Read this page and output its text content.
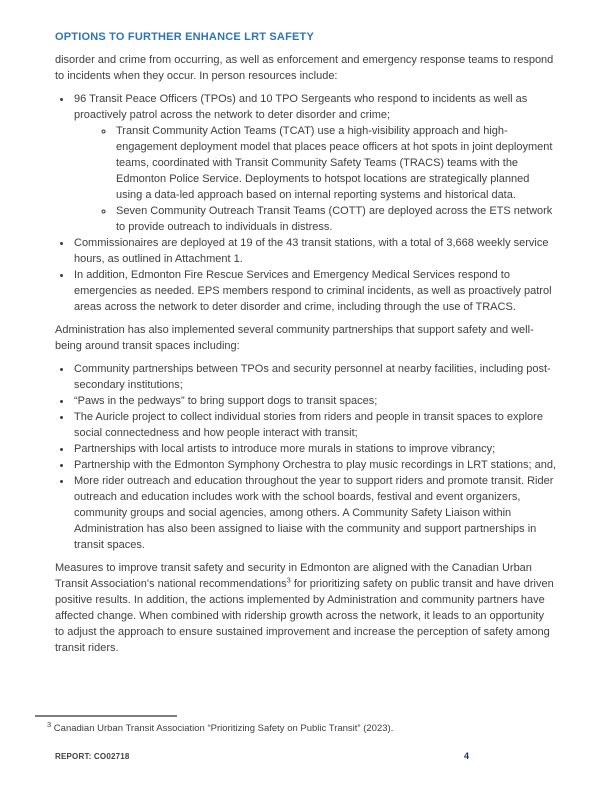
OPTIONS TO FURTHER ENHANCE LRT SAFETY

disorder and crime from occurring, as well as enforcement and emergency response teams to respond to incidents when they occur. In person resources include:

• 96 Transit Peace Officers (TPOs) and 10 TPO Sergeants who respond to incidents as well as proactively patrol across the network to deter disorder and crime;
◦ Transit Community Action Teams (TCAT) use a high-visibility approach and high-engagement deployment model that places peace officers at hot spots in joint deployment teams, coordinated with Transit Community Safety Teams (TRACS) teams with the Edmonton Police Service. Deployments to hotspot locations are strategically planned using a data-led approach based on internal reporting systems and historical data.
◦ Seven Community Outreach Transit Teams (COTT) are deployed across the ETS network to provide outreach to individuals in distress.
• Commissionaires are deployed at 19 of the 43 transit stations, with a total of 3,668 weekly service hours, as outlined in Attachment 1.
• In addition, Edmonton Fire Rescue Services and Emergency Medical Services respond to emergencies as needed. EPS members respond to criminal incidents, as well as proactively patrol areas across the network to deter disorder and crime, including through the use of TRACS.

Administration has also implemented several community partnerships that support safety and well-being around transit spaces including:

• Community partnerships between TPOs and security personnel at nearby facilities, including post-secondary institutions;
• “Paws in the pedways” to bring support dogs to transit spaces;
• The Auricle project to collect individual stories from riders and people in transit spaces to explore social connectedness and how people interact with transit;
• Partnerships with local artists to introduce more murals in stations to improve vibrancy;
• Partnership with the Edmonton Symphony Orchestra to play music recordings in LRT stations; and,
• More rider outreach and education throughout the year to support riders and promote transit. Rider outreach and education includes work with the school boards, festival and event organizers, community groups and social agencies, among others. A Community Safety Liaison within Administration has also been assigned to liaise with the community and support partnerships in transit spaces.

Measures to improve transit safety and security in Edmonton are aligned with the Canadian Urban Transit Association's national recommendations$^3$ for prioritizing safety on public transit and have driven positive results. In addition, the actions implemented by Administration and community partners have affected change. When combined with ridership growth across the network, it leads to an opportunity to adjust the approach to ensure sustained improvement and increase the perception of safety among transit riders.

$^3$ Canadian Urban Transit Association “Prioritizing Safety on Public Transit” (2023).
REPORT: CO02718	4
